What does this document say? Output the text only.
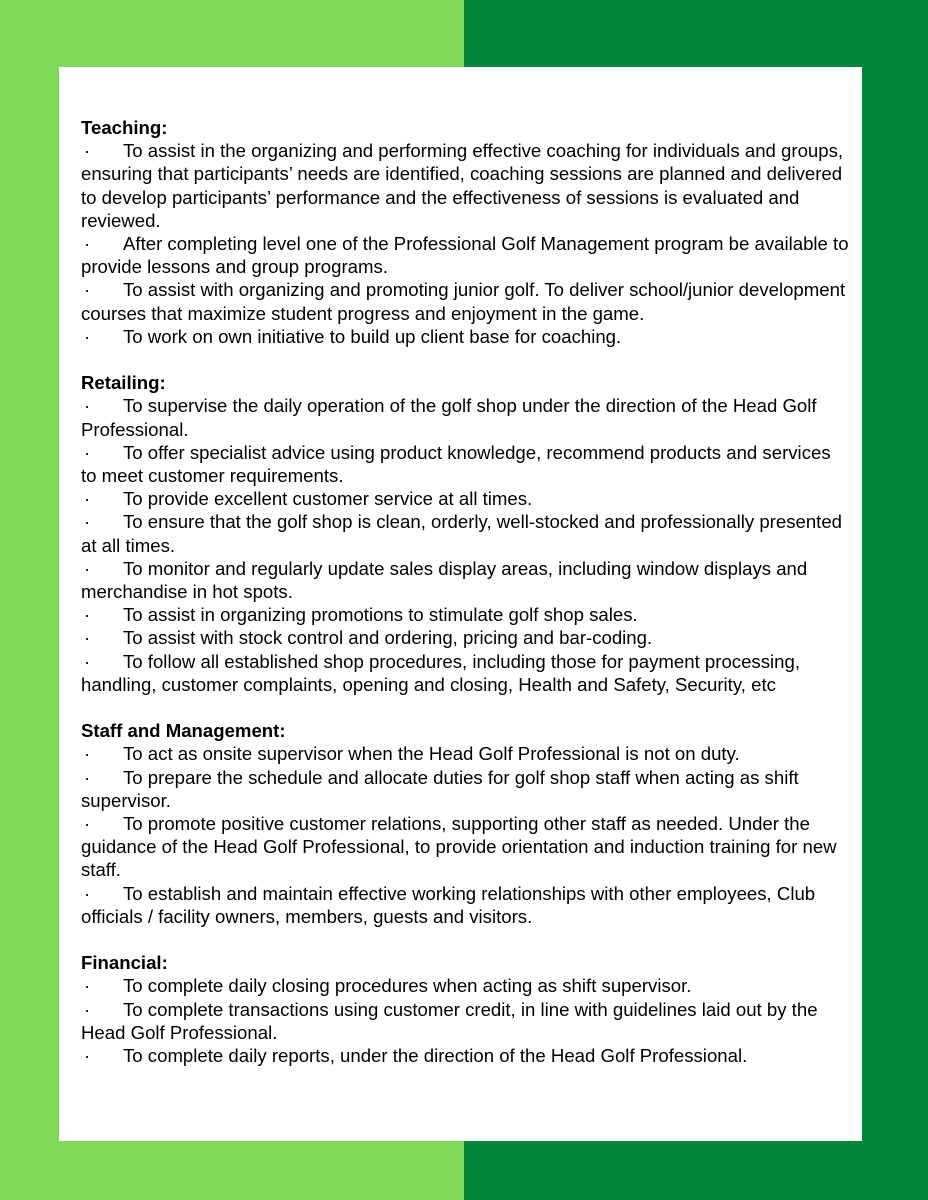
Teaching:
· To assist in the organizing and performing effective coaching for individuals and groups, ensuring that participants’ needs are identified, coaching sessions are planned and delivered to develop participants’ performance and the effectiveness of sessions is evaluated and reviewed.
· After completing level one of the Professional Golf Management program be available to provide lessons and group programs.
· To assist with organizing and promoting junior golf. To deliver school/junior development courses that maximize student progress and enjoyment in the game.
· To work on own initiative to build up client base for coaching.
Retailing:
· To supervise the daily operation of the golf shop under the direction of the Head Golf Professional.
· To offer specialist advice using product knowledge, recommend products and services to meet customer requirements.
· To provide excellent customer service at all times.
· To ensure that the golf shop is clean, orderly, well-stocked and professionally presented at all times.
· To monitor and regularly update sales display areas, including window displays and merchandise in hot spots.
· To assist in organizing promotions to stimulate golf shop sales.
· To assist with stock control and ordering, pricing and bar-coding.
· To follow all established shop procedures, including those for payment processing, handling, customer complaints, opening and closing, Health and Safety, Security, etc
Staff and Management:
· To act as onsite supervisor when the Head Golf Professional is not on duty.
· To prepare the schedule and allocate duties for golf shop staff when acting as shift supervisor.
· To promote positive customer relations, supporting other staff as needed. Under the guidance of the Head Golf Professional, to provide orientation and induction training for new staff.
· To establish and maintain effective working relationships with other employees, Club officials / facility owners, members, guests and visitors.
Financial:
· To complete daily closing procedures when acting as shift supervisor.
· To complete transactions using customer credit, in line with guidelines laid out by the Head Golf Professional.
· To complete daily reports, under the direction of the Head Golf Professional.
